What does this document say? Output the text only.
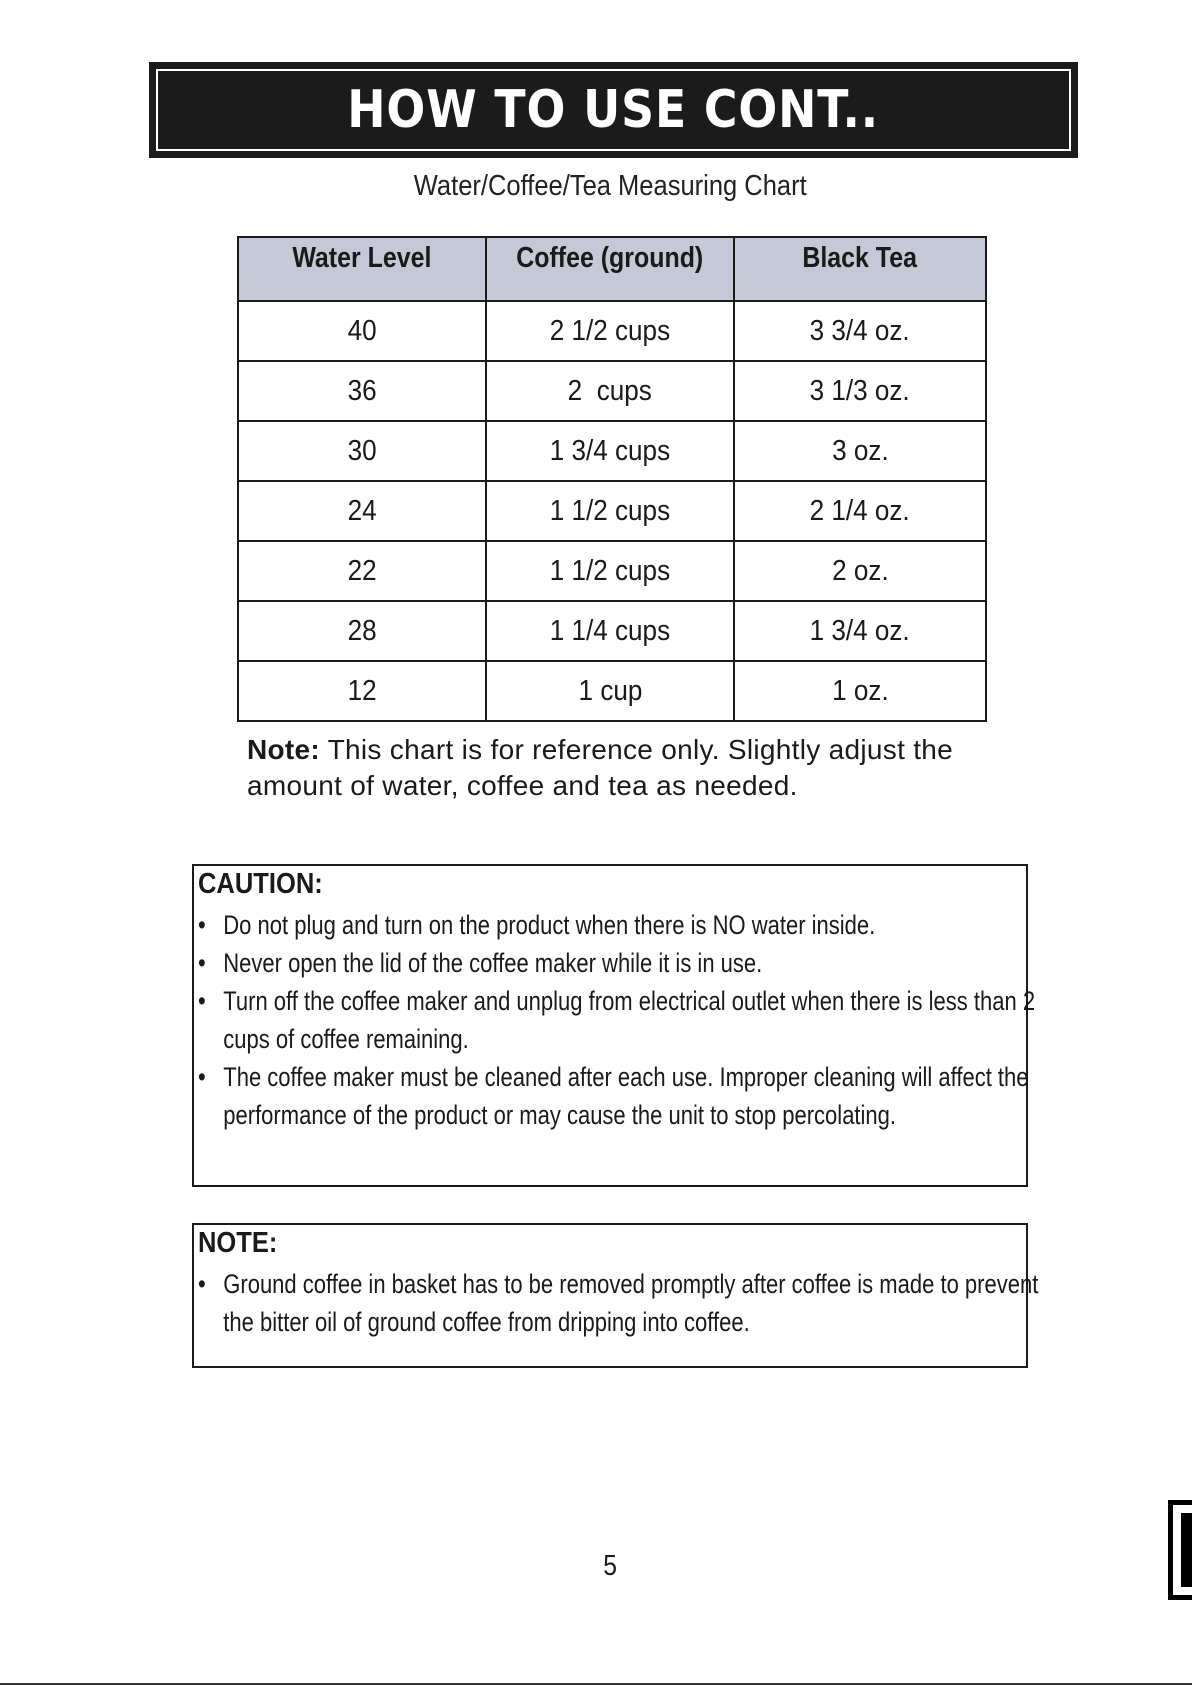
HOW TO USE CONT..
Water/Coffee/Tea Measuring Chart
Water Level	Coffee (ground)	Black Tea
40	2 1/2 cups	3 3/4 oz.
36	2  cups	3 1/3 oz.
30	1 3/4 cups	3 oz.
24	1 1/2 cups	2 1/4 oz.
22	1 1/2 cups	2 oz.
28	1 1/4 cups	1 3/4 oz.
12	1 cup	1 oz.
Note: This chart is for reference only. Slightly adjust the amount of water, coffee and tea as needed.
CAUTION:
• Do not plug and turn on the product when there is NO water inside.
• Never open the lid of the coffee maker while it is in use.
• Turn off the coffee maker and unplug from electrical outlet when there is less than 2 cups of coffee remaining.
• The coffee maker must be cleaned after each use. Improper cleaning will affect the performance of the product or may cause the unit to stop percolating.
NOTE:
• Ground coffee in basket has to be removed promptly after coffee is made to prevent the bitter oil of ground coffee from dripping into coffee.
5
